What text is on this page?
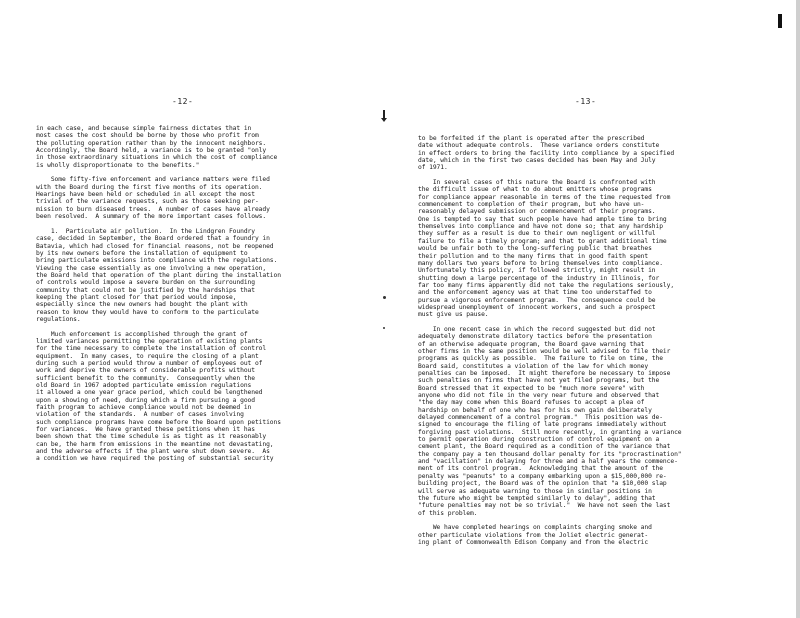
-12-
in each case, and because simple fairness dictates that in
most cases the cost should be borne by those who profit from
the polluting operation rather than by the innocent neighbors.
Accordingly, the Board held, a variance is to be granted "only
in those extraordinary situations in which the cost of compliance
is wholly disproportionate to the benefits."

Some fifty-five enforcement and variance matters were filed
with the Board during the first five months of its operation.
Hearings have been held or scheduled in all except the most
trivial of the variance requests, such as those seeking per-
mission to burn diseased trees.  A number of cases have already
been resolved.  A summary of the more important cases follows.

1.  Particulate air pollution.  In the Lindgren Foundry
case, decided in September, the Board ordered that a foundry in
Batavia, which had closed for financial reasons, not be reopened
by its new owners before the installation of equipment to
bring particulate emissions into compliance with the regulations.
Viewing the case essentially as one involving a new operation,
the Board held that operation of the plant during the installation
of controls would impose a severe burden on the surrounding
community that could not be justified by the hardships that
keeping the plant closed for that period would impose,
especially since the new owners had bought the plant with
reason to know they would have to conform to the particulate
regulations.

Much enforcement is accomplished through the grant of
limited variances permitting the operation of existing plants
for the time necessary to complete the installation of control
equipment.  In many cases, to require the closing of a plant
during such a period would throw a number of employees out of
work and deprive the owners of considerable profits without
sufficient benefit to the community.  Consequently when the
old Board in 1967 adopted particulate emission regulations
it allowed a one year grace period, which could be lengthened
upon a showing of need, during which a firm pursuing a good
faith program to achieve compliance would not be deemed in
violation of the standards.  A number of cases involving
such compliance programs have come before the Board upon petitions
for variances.  We have granted these petitions when it has
been shown that the time schedule is as tight as it reasonably
can be, the harm from emissions in the meantime not devastating,
and the adverse effects if the plant were shut down severe.  As
a condition we have required the posting of substantial security
-13-
to be forfeited if the plant is operated after the prescribed
date without adequate controls.  These variance orders constitute
in effect orders to bring the facility into compliance by a specified
date, which in the first two cases decided has been May and July
of 1971.

In several cases of this nature the Board is confronted with
the difficult issue of what to do about emitters whose programs
for compliance appear reasonable in terms of the time requested from
commencement to completion of their program, but who have un-
reasonably delayed submission or commencement of their programs.
One is tempted to say that such people have had ample time to bring
themselves into compliance and have not done so; that any hardship
they suffer as a result is due to their own negligent or willful
failure to file a timely program; and that to grant additional time
would be unfair both to the long-suffering public that breathes
their pollution and to the many firms that in good faith spent
many dollars two years before to bring themselves into compliance.
Unfortunately this policy, if followed strictly, might result in
shutting down a large percentage of the industry in Illinois, for
far too many firms apparently did not take the regulations seriously,
and the enforcement agency was at that time too understaffed to
pursue a vigorous enforcement program.  The consequence could be
widespread unemployment of innocent workers, and such a prospect
must give us pause.

In one recent case in which the record suggested but did not
adequately demonstrate dilatory tactics before the presentation
of an otherwise adequate program, the Board gave warning that
other firms in the same position would be well advised to file their
programs as quickly as possible.  The failure to file on time, the
Board said, constitutes a violation of the law for which money
penalties can be imposed.  It might therefore be necessary to impose
such penalties on firms that have not yet filed programs, but the
Board stressed that it expected to be "much more severe" with
anyone who did not file in the very near future and observed that
"the day may come when this Board refuses to accept a plea of
hardship on behalf of one who has for his own gain deliberately
delayed commencement of a control program."  This position was de-
signed to encourage the filing of late programs immediately without
forgiving past violations.  Still more recently, in granting a variance
to permit operation during construction of control equipment on a
cement plant, the Board required as a condition of the variance that
the company pay a ten thousand dollar penalty for its "procrastination"
and "vacillation" in delaying for three and a half years the commence-
ment of its control program.  Acknowledging that the amount of the
penalty was "peanuts" to a company embarking upon a $15,000,000 re-
building project, the Board was of the opinion that "a $10,000 slap
will serve as adequate warning to those in similar positions in
the future who might be tempted similarly to delay", adding that
"future penalties may not be so trivial."  We have not seen the last
of this problem.

We have completed hearings on complaints charging smoke and
other particulate violations from the Joliet electric generat-
ing plant of Commonwealth Edison Company and from the electric
